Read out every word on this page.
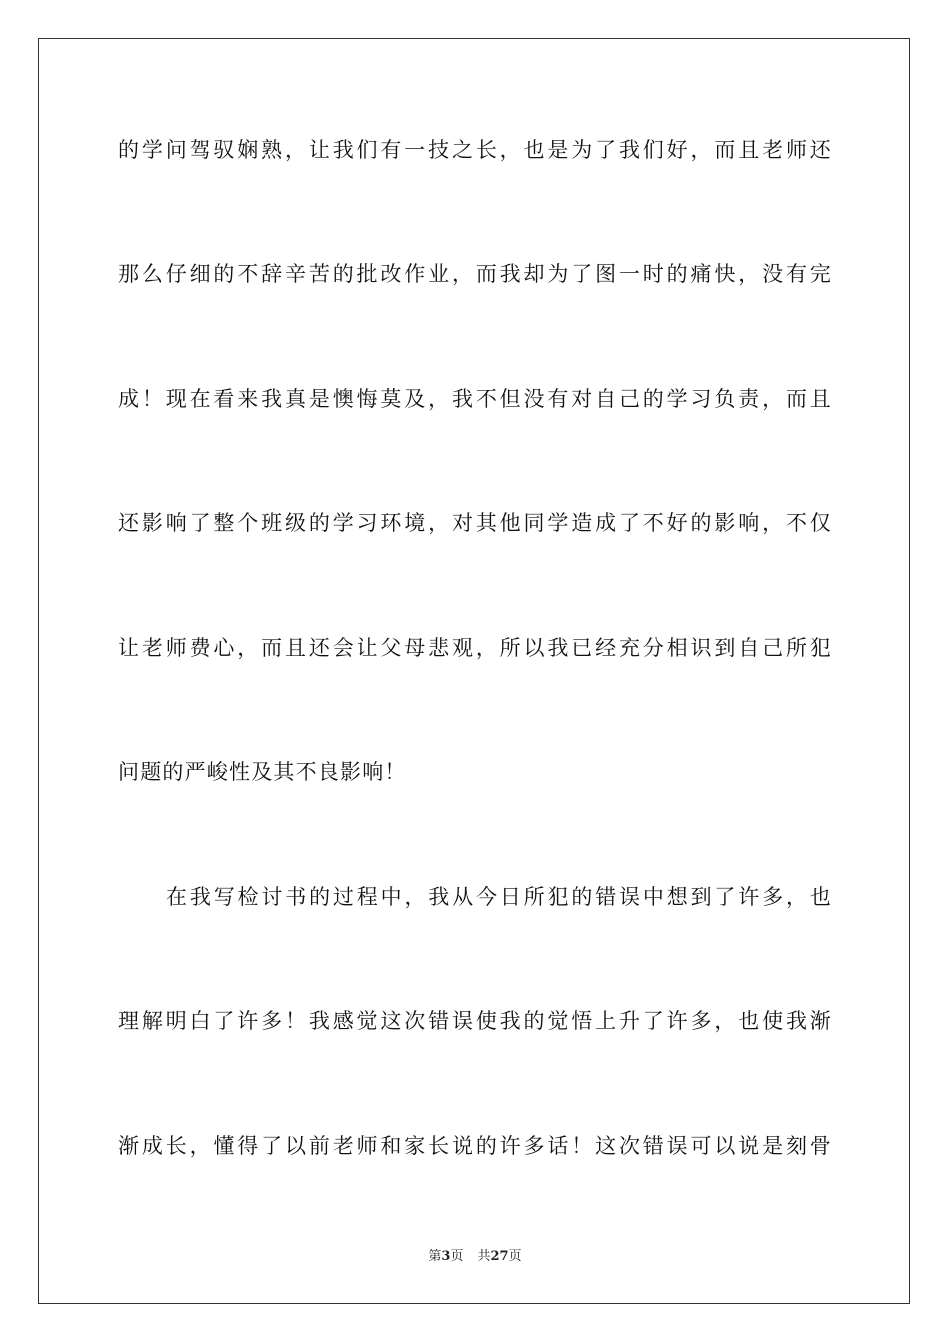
的学问驾驭娴熟，让我们有一技之长，也是为了我们好，而且老师还
那么仔细的不辞辛苦的批改作业，而我却为了图一时的痛快，没有完
成！现在看来我真是懊悔莫及，我不但没有对自己的学习负责，而且
还影响了整个班级的学习环境，对其他同学造成了不好的影响，不仅
让老师费心，而且还会让父母悲观，所以我已经充分相识到自己所犯
问题的严峻性及其不良影响！
在我写检讨书的过程中，我从今日所犯的错误中想到了许多，也
理解明白了许多！我感觉这次错误使我的觉悟上升了许多，也使我渐
渐成长，懂得了以前老师和家长说的许多话！这次错误可以说是刻骨
第3页 共27页
